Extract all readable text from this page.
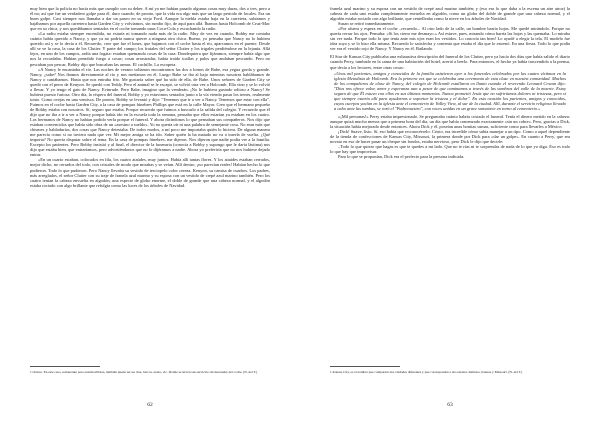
muy bien que la policía no hacía más que cumplir con su deber. A mí ya me habían pasado algunas cosas muy duras, dos o tres, pero a él no; así que fue un verdadero golpe para él, duro cuando, de pronto, que la vida era algo más que un largo período de locales. Era un buen golpe. Casi siempre nos llamaba a dar un paseo en su viejo Ford. Aunque la niebla estaba baja en la carretera, subíamos y bajábamos por aquella carretera hasta Garden City y volvíamos, sin rumbo fijo, de aquí para allá. Íbamos hasta Holcomb de Cruz-Mac que en su chica, y nos quedábamos sentados en el coche tomando unas Coca-Cola y escuchando la radio.

»La radio estaba siempre encendida, no estaría ni tomando nada más de la radio. Muy de vez en cuando, Bobby me contaba cuánto había querido a Nancy, y que ya no podría nunca querer a ninguna otra chica. Bueno, yo pensaba que Nancy no lo hubiera querido así y se lo decía a él. Recuerdo, creo que fue el lunes, que bajamos con el coche hasta el río, aparcamos en el puente. Desde allí se ve la casa, la casa de los Clutter. Y parte del campo; los frutales del señor Clutter y los trigales perdiéndose en la lejanía. Allá lejos, en uno de los campos, ardía una fogata: estaban quemando cosas de la casa. Dondequiera que fijáramos, siempre había algo que nos la recordaba. Habían prendido fuego a cosas; cosas arrastradas, había traído toallas y palos que andaban pescando. Pero no pescaban por pescar, Bobby dijo que buscaban las armas. El cuchillo. La escopeta.

»A Nancy le encantaba el río. Las noches de verano solíamos encontrarnos las dos a lomos de Babe, esa yegua gorda y grande. Nancy, ¿sabe? Nos íbamos directamente al río y nos metíamos en él. Luego Babe se iba al bajo mientras nosotras hablábamos de Nancy o cantábamos. Hasta que nos entraba frío. Me gustaría saber qué ha sido de ella, de Babe. Unos señores de Garden City se quedó con el perro de Kenyon. Se quedó con Teddy. Pero el animal se le escapó, se volvió otra vez a Holcomb. Ella vino y se lo volvió a llevar. Y yo tengo el gato de Nancy. Evinrude. Pero Babe, imagino que la venderán. ¡No le hubiera gustado odioso a Nancy! Se hubiera puesto furiosa. Otro día, la víspera del funeral, Bobby y yo estuvimos sentados junto a la vía viendo pasar los trenes, realmente tonto. Como ovejas en una ventisca. De pronto, Bobby se levantó y dijo: "Tenemos que ir a ver a Nancy. Tenemos que estar con ella". Fuimos en el coche hasta Garden City, a la casa de pompas fúnebres Phillips que está en la calle Mayor. Creo que el hermano pequeño de Bobby estaba con nosotros. Sí, seguro que estaba. Porque recuerdo que fuimos a buscarlo a la salida del colegio. Y recuerdo que él dijo que no iba a ir a ver a Nancy porque había ido en la escuela toda la semana, pensaba que ellos estarían ya estaban en los cuatro. Los hermanos de Nancy no habían podido verla porque el funeral. Y ahora dicíndonos lo que pensaban sus compañeros. Nos dijo que estaban convencidos que había sido obra de un «asesino a sueldo». Yo no quería oír ni una palabra de semejante cosa. No eran más que chismes y habladurías, dos cosas que Nancy detestaba. De todos modos, a mí poco me importaba quién lo hiciera. De alguna manera me parecía como si no tuviera nada que ver. Mi mejor amiga se ha ido. Saber quién la ha matado no va a traerla de vuelta. ¿Qué importa? No quería disputar sobre el tema. En la casa de pompas fúnebres, me dijeron. Nos dijeron que nadie podía ver a la familia. Excepto los parientes. Pero Bobby insistió y al final, el director de la funeraria (conocía a Bobby y supongo que le daría lástima) nos dijo que estaba bien, que entraríamos, pero advirtiéndonos que no lo dijéramos a nadie. Ahora yo preferiría que no nos hubiese dejado entrar.

»En un cuarto estaban, colocados en fila, los cuatro ataúdes, muy juntos. Había allí tantas flores. Y los ataúdes estaban cerrados, mejor dicho, no cerrados del todo, con cristales de modo que mirabas y se veían. Allí dentro, ¡no parecían reales! Habían hecho lo que pudieron. Todo lo que pudieron. Pero Nancy llevaba su vestido de terciopelo color cereza. Kenyon, su camisa de cuadros. Los padres, más arreglados, el señor Clutter con su traje de franela azul marino y su esposa con un vestido de crepé azul marino también. Pero los cuatro tenían la cabeza envuelta en algodón, una especie de globo enorme, el doble de grande que una cabeza normal, y el algodón estaba rociado con algo brillante que refulgía como las luces de los árboles de Navidad.

1 Ocurre. En este caso, restaurante para automovilistas, también puede ser un cine, barcos, teatro, etc. Donde se sirven sus servicios sin descender del coche. (N. del T.)
62

franela azul marino y su esposa con un vestido de crepé azul marino también; y (eso era lo que daba a la escena un aire atroz) la cabeza de cada uno estaba completamente envuelta en algodón, como un globo del doble de grande que una cabeza normal, y el algodón estaba rociado con algo brillante, que centelleaba como la nieve en los árboles de Navidad.

Susan se retiró inmediatamente.

»Por afuera y espera en el coche –recuerdo–. Al otro lado de la calle, un hombre barría hojas. Me quedé mirándolo. Porque no quería cerrar los ojos. Pensaba: «Si los cierro me desmayo.» Así estuve, pues, mirando cómo barría las hojas y las quemaba. Lo miraba sin ver nada. Porque todo lo que tenía ante mis ojos eran los vestidos. Lo conocía tan bien! Lo ayudé a elegir la tela. El modelo fue idea suya y se lo hizo ella misma. Recuerdo lo satisfecha y contenta que estaba el día que lo estrenó. En una fiesta. Todo lo que podía ver era el vestido rojo de Nancy. Y Nancy en él. Bailando.

El Star de Kansas City publicaba una exhaustiva descripción del funeral de los Clutter, pero ya hacía dos días que había salido el diario cuando Perry, tumbado en la cama de una habitación del hotel, acertó a leerlo. Para entonces, el hecho ya había trascendido a la prensa, que decía a los lectores, entre otras cosas:

«Unos mil parientes, amigos y conocidos de la familia asistieron ayer a los funerales celebrados por las cuatro víctimas en la iglesia Metodista de Holcomb. Era la primera vez que se celebraba una ceremonia de esta clase en nuestra comunidad. Muchos de los compañeros de clase de Nancy, del colegio de Holcomb estallaron en llanto cuando el reverendo Leonard Cowan dijo: "Dios nos ofrece valor, amor y esperanza aun a pesar de que caminamos a través de las sombras del valle de la muerte. Estoy seguro de que Él estuvo con ellos en sus últimos momentos. Nunca prometió Jesús que no sufriríamos dolores ni tristezas, pero sí que siempre estaría allí para ayudarnos a soportar la tristeza y el dolor". En esta ocasión los parientes, amigos y conocidos, cuyos cuerpos yacían en la iglesia ante el cementerio de Valley View, al sur de la ciudad. Allí, durante el servicio religioso llevado a cabo ante las tumbas, se rezó el "Padrenuestro", con voces unidas en un grave sonsonete en torno al cementerio.»

«¡Mil personas!» Perry estaba impresionado. Se preguntaba cuánto habría costado el funeral. Tenía el dinero metido en la cabeza: aunque quizá mucho menos que a primera hora del día, un día que había comenzado exactamente «sin un cobre». Pero, gracias a Dick, la situación había mejorado desde entonces. Ahora Dick y él, poseían unas bonitas sumas, suficiente como para llevarles a México.

¡Dick! Suave, listo. Sí, eso había que reconocérselo. Cristo, era increíble cómo sabía manejar a un tipo. Como a aquel dependiente de la tienda de confecciones de Kansas City, Missouri, la primera donde por Dick para «dar un golpe». En cuanto a Perry, que era novato en eso de hacer pasar un cheque sin fondos, estaba nervioso, pero Dick le dijo que decirle:

–Todo lo que quiero que hagas es que te quedes a mi lado. Que no te rías ni te sorprendas de nada de lo que yo diga. Eso es todo lo que hay que improvisar.

Para lo que se proponían, Dick era el perfecto para la persona indicada.

1 Kansas City, es el nombre que comparten dos ciudades diferentes y que corresponden a dos estados distintos, Kansas y Missouri. (N. del T.)
63
